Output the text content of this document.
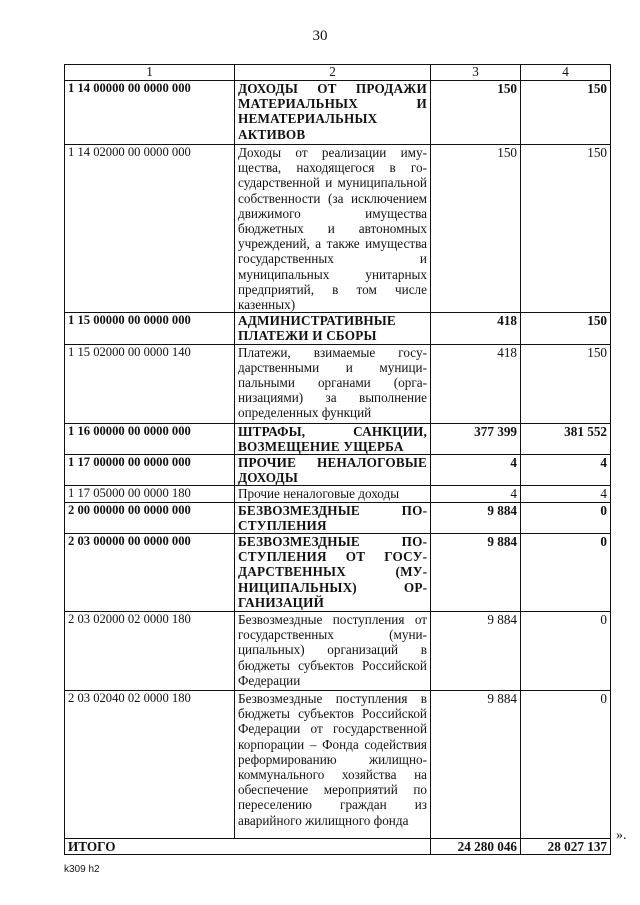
30
1	2	3	4
1 14 00000 00 0000 000	ДОХОДЫ ОТ ПРОДАЖИ МАТЕРИАЛЬНЫХ И НЕМАТЕРИАЛЬНЫХ АКТИВОВ	150	150
1 14 02000 00 0000 000	Доходы от реализации имущества, находящегося в государственной и муниципальной собственности (за исключением движимого имущества бюджетных и автономных учреждений, а также имущества государственных и муниципальных унитарных предприятий, в том числе казенных)	150	150
1 15 00000 00 0000 000	АДМИНИСТРАТИВНЫЕ ПЛАТЕЖИ И СБОРЫ	418	150
1 15 02000 00 0000 140	Платежи, взимаемые государственными и муниципальными органами (организациями) за выполнение определенных функций	418	150
1 16 00000 00 0000 000	ШТРАФЫ, САНКЦИИ, ВОЗМЕЩЕНИЕ УЩЕРБА	377 399	381 552
1 17 00000 00 0000 000	ПРОЧИЕ НЕНАЛОГОВЫЕ ДОХОДЫ	4	4
1 17 05000 00 0000 180	Прочие неналоговые доходы	4	4
2 00 00000 00 0000 000	БЕЗВОЗМЕЗДНЫЕ ПОСТУПЛЕНИЯ	9 884	0
2 03 00000 00 0000 000	БЕЗВОЗМЕЗДНЫЕ ПОСТУПЛЕНИЯ ОТ ГОСУДАРСТВЕННЫХ (МУНИЦИПАЛЬНЫХ) ОРГАНИЗАЦИЙ	9 884	0
2 03 02000 02 0000 180	Безвозмездные поступления от государственных (муниципальных) организаций в бюджеты субъектов Российской Федерации	9 884	0
2 03 02040 02 0000 180	Безвозмездные поступления в бюджеты субъектов Российской Федерации от государственной корпорации – Фонда содействия реформированию жилищно-коммунального хозяйства на обеспечение мероприятий по переселению граждан из аварийного жилищного фонда	9 884	0
ИТОГО		24 280 046	28 027 137
».
k309 h2
